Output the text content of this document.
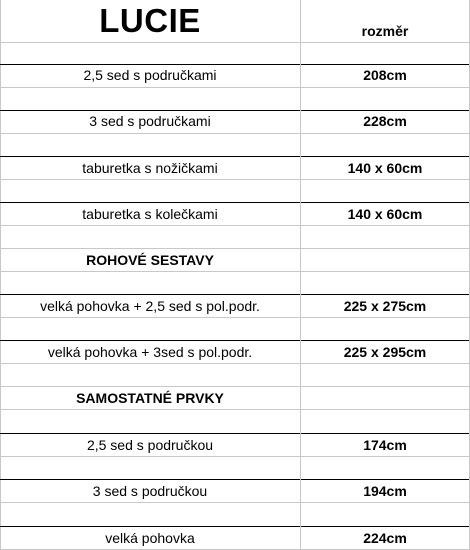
LUCIE	rozměr
2,5 sed s područkami	208cm
3 sed s područkami	228cm
taburetka s nožičkami	140 x 60cm
taburetka s kolečkami	140 x 60cm
ROHOVÉ SESTAVY
velká pohovka + 2,5 sed s pol.podr.	225 x 275cm
velká pohovka + 3sed s pol.podr.	225 x 295cm
SAMOSTATNÉ PRVKY
2,5 sed s područkou	174cm
3 sed s područkou	194cm
velká pohovka	224cm
